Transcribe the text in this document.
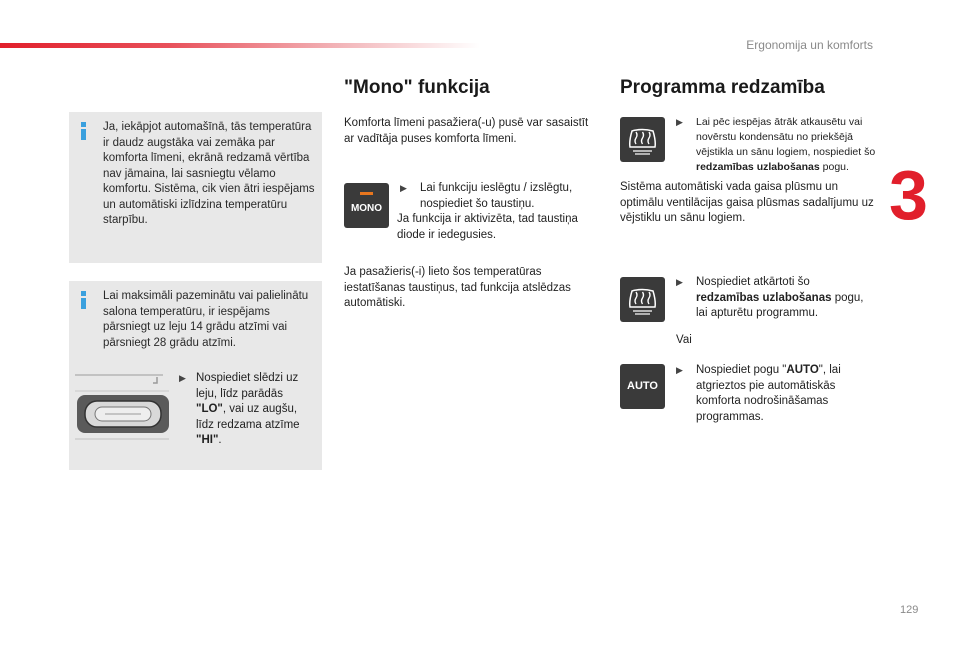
Ergonomija un komforts
3
129
Ja, iekāpjot automašīnā, tās temperatūra ir daudz augstāka vai zemāka par komforta līmeni, ekrānā redzamā vērtība nav jāmaina, lai sasniegtu vēlamo komfortu. Sistēma, cik vien ātri iespējams un automātiski izlīdzina temperatūru starpību.
Lai maksimāli pazeminātu vai palielinātu salona temperatūru, ir iespējams pārsniegt uz leju 14 grādu atzīmi vai pārsniegt 28 grādu atzīmi.
▶ Nospiediet slēdzi uz leju, līdz parādās "LO", vai uz augšu, līdz redzama atzīme "HI".
"Mono" funkcija
Komforta līmeni pasažiera(-u) pusē var sasaistīt ar vadītāja puses komforta līmeni.
MONO
▶ Lai funkciju ieslēgtu / izslēgtu, nospiediet šo taustiņu.
Ja funkcija ir aktivizēta, tad taustiņa diode ir iedegusies.
Ja pasažieris(-i) lieto šos temperatūras iestatīšanas taustiņus, tad funkcija atslēdzas automātiski.
Programma redzamība
▶ Lai pēc iespējas ātrāk atkausētu vai novērstu kondensātu no priekšējā vējstikla un sānu logiem, nospiediet šo redzamības uzlabošanas pogu.
Sistēma automātiski vada gaisa plūsmu un optimālu ventilācijas gaisa plūsmas sadalījumu uz vējstiklu un sānu logiem.
▶ Nospiediet atkārtoti šo redzamības uzlabošanas pogu, lai apturētu programmu.
Vai
AUTO
▶ Nospiediet pogu "AUTO", lai atgrieztos pie automātiskās komforta nodrošināšamas programmas.
